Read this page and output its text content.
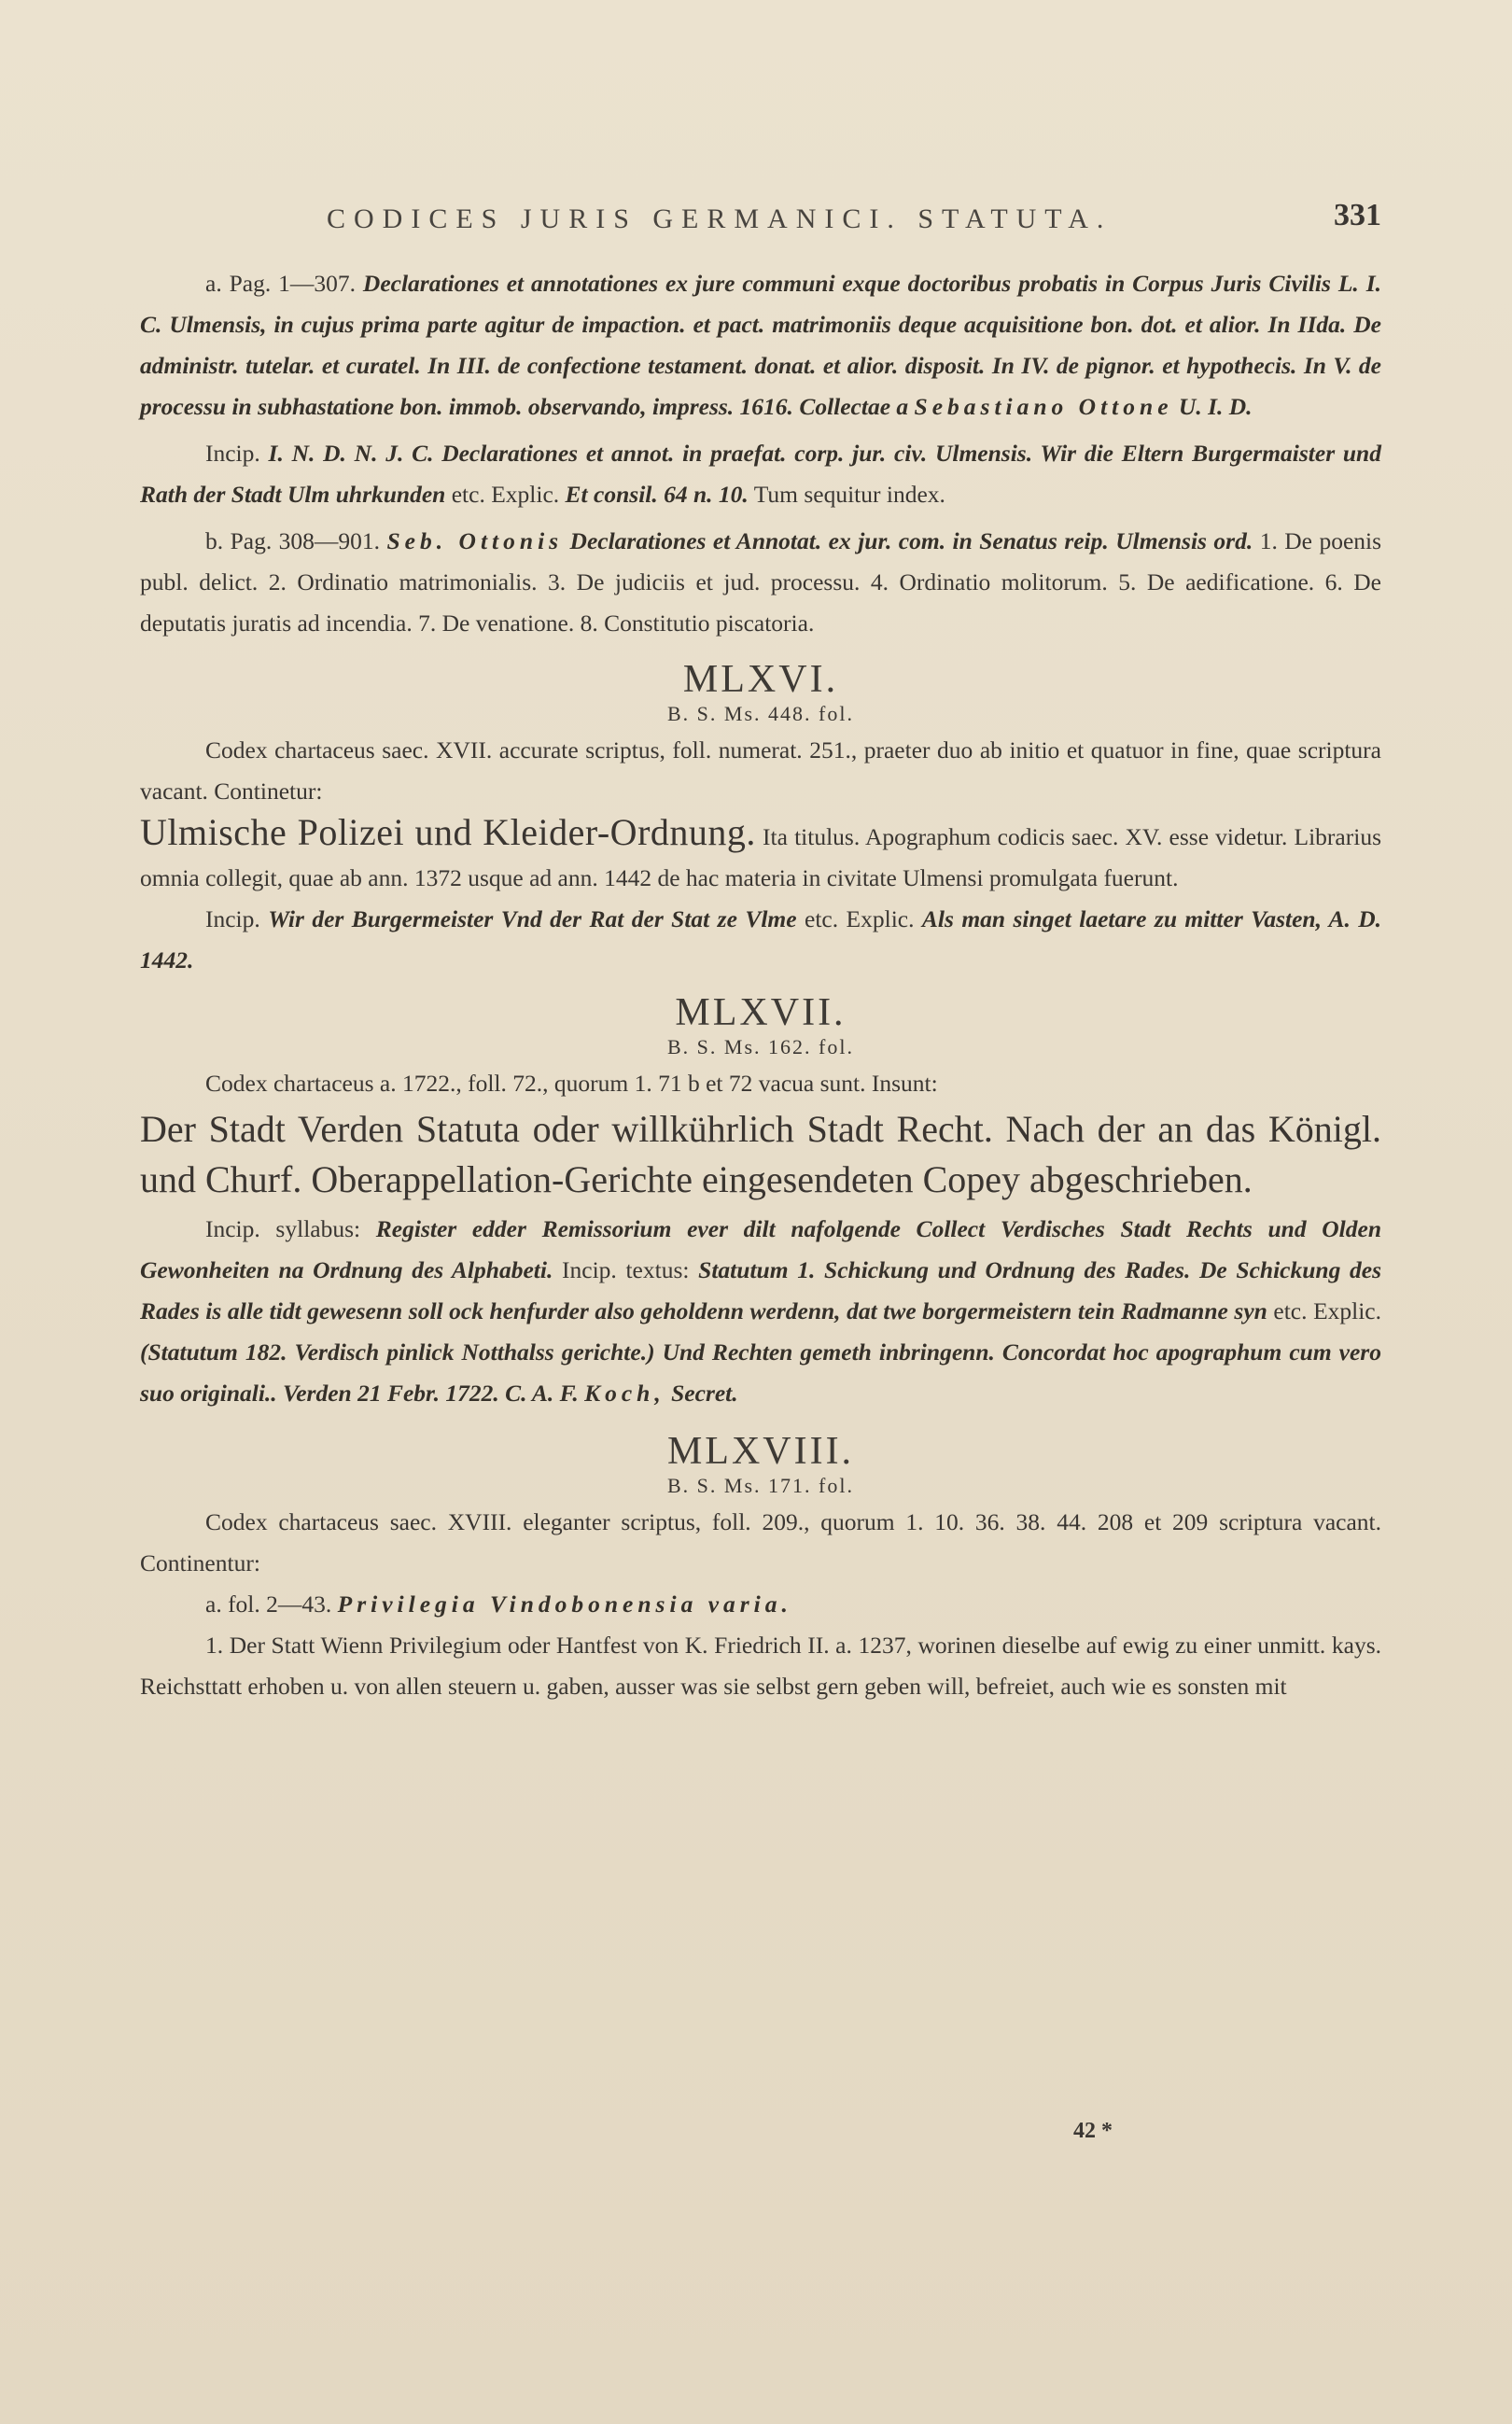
CODICES JURIS GERMANICI. STATUTA.	331

a. Pag. 1—307. Declarationes et annotationes ex jure communi exque doctoribus probatis in Corpus Juris Civilis L. I. C. Ulmensis, in cujus prima parte agitur de impaction. et pact. matrimoniis deque acquisitione bon. dot. et alior. In IIda. De administr. tutelar. et curatel. In III. de confectione testament. donat. et alior. disposit. In IV. de pignor. et hypothecis. In V. de processu in subhastatione bon. immob. observando, impress. 1616. Collectae a Sebastiano Ottone U. I. D.

Incip. I. N. D. N. J. C. Declarationes et annot. in praefat. corp. jur. civ. Ulmensis. Wir die Eltern Burgermaister und Rath der Stadt Ulm uhrkunden etc. Explic. Et consil. 64 n. 10. Tum sequitur index.

b. Pag. 308—901. Seb. Ottonis Declarationes et Annotat. ex jur. com. in Senatus reip. Ulmensis ord. 1. De poenis publ. delict. 2. Ordinatio matrimonialis. 3. De judiciis et jud. processu. 4. Ordinatio molitorum. 5. De aedificatione. 6. De deputatis juratis ad incendia. 7. De venatione. 8. Constitutio piscatoria.

MLXVI.

B. S. Ms. 448. fol.

Codex chartaceus saec. XVII. accurate scriptus, foll. numerat. 251., praeter duo ab initio et quatuor in fine, quae scriptura vacant. Continetur:

Ulmische Polizei und Kleider-Ordnung. Ita titulus. Apographum codicis saec. XV. esse videtur. Librarius omnia collegit, quae ab ann. 1372 usque ad ann. 1442 de hac materia in civitate Ulmensi promulgata fuerunt.

Incip. Wir der Burgermeister Vnd der Rat der Stat ze Vlme etc. Explic. Als man singet laetare zu mitter Vasten, A. D. 1442.

MLXVII.

B. S. Ms. 162. fol.

Codex chartaceus a. 1722., foll. 72., quorum 1. 71 b et 72 vacua sunt. Insunt:

Der Stadt Verden Statuta oder willkührlich Stadt Recht. Nach der an das Königl. und Churf. Oberappellation-Gerichte eingesendeten Copey abgeschrieben.

Incip. syllabus: Register edder Remissorium ever dilt nafolgende Collect Verdisches Stadt Rechts und Olden Gewonheiten na Ordnung des Alphabeti. Incip. textus: Statutum 1. Schickung und Ordnung des Rades. De Schickung des Rades is alle tidt gewesenn soll ock henfurder also geholdenn werdenn, dat twe borgermeistern tein Radmanne syn etc. Explic. (Statutum 182. Verdisch pinlick Notthalss gerichte.) Und Rechten gemeth inbringenn. Concordat hoc apographum cum vero suo originali.. Verden 21 Febr. 1722. C. A. F. Koch, Secret.

MLXVIII.

B. S. Ms. 171. fol.

Codex chartaceus saec. XVIII. eleganter scriptus, foll. 209., quorum 1. 10. 36. 38. 44. 208 et 209 scriptura vacant. Continentur:

a. fol. 2—43. Privilegia Vindobonensia varia.

1. Der Statt Wienn Privilegium oder Hantfest von K. Friedrich II. a. 1237, worinen dieselbe auf ewig zu einer unmitt. kays. Reichsttatt erhoben u. von allen steuern u. gaben, ausser was sie selbst gern geben will, befreiet, auch wie es sonsten mit

42 *
